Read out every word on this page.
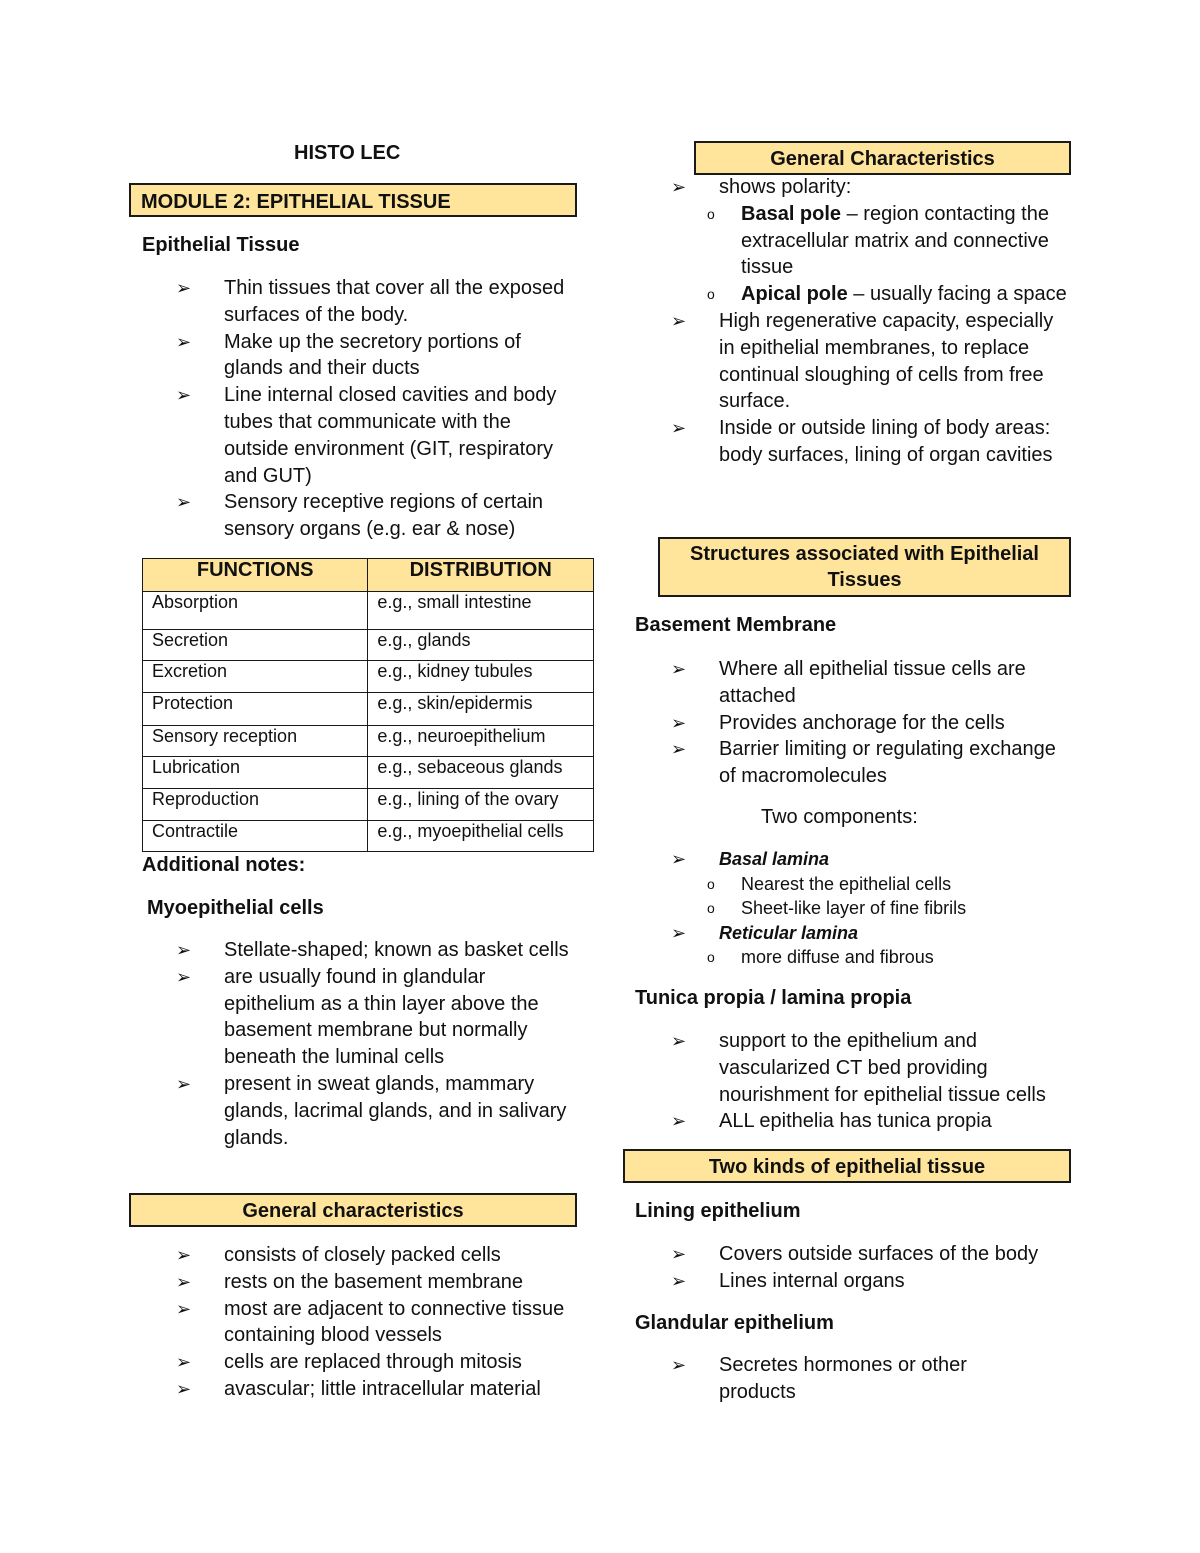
HISTO LEC
MODULE 2: EPITHELIAL TISSUE
Epithelial Tissue
➢	Thin tissues that cover all the exposed surfaces of the body.
➢	Make up the secretory portions of glands and their ducts
➢	Line internal closed cavities and body tubes that communicate with the outside environment (GIT, respiratory and GUT)
➢	Sensory receptive regions of certain sensory organs (e.g. ear & nose)
FUNCTIONS	DISTRIBUTION
Absorption	e.g., small intestine
Secretion	e.g., glands
Excretion	e.g., kidney tubules
Protection	e.g., skin/epidermis
Sensory reception	e.g., neuroepithelium
Lubrication	e.g., sebaceous glands
Reproduction	e.g., lining of the ovary
Contractile	e.g., myoepithelial cells
Additional notes:
Myoepithelial cells
➢	Stellate-shaped; known as basket cells
➢	are usually found in glandular epithelium as a thin layer above the basement membrane but normally beneath the luminal cells
➢	present in sweat glands, mammary glands, lacrimal glands, and in salivary glands.
General characteristics
➢	consists of closely packed cells
➢	rests on the basement membrane
➢	most are adjacent to connective tissue containing blood vessels
➢	cells are replaced through mitosis
➢	avascular; little intracellular material
General Characteristics
➢	shows polarity:
o Basal pole – region contacting the extracellular matrix and connective tissue
o Apical pole – usually facing a space
➢	High regenerative capacity, especially in epithelial membranes, to replace continual sloughing of cells from free surface.
➢	Inside or outside lining of body areas: body surfaces, lining of organ cavities
Structures associated with Epithelial Tissues
Basement Membrane
➢	Where all epithelial tissue cells are attached
➢	Provides anchorage for the cells
➢	Barrier limiting or regulating exchange of macromolecules
Two components:
➢	Basal lamina
o Nearest the epithelial cells
o Sheet-like layer of fine fibrils
➢	Reticular lamina
o more diffuse and fibrous
Tunica propia / lamina propia
➢	support to the epithelium and vascularized CT bed providing nourishment for epithelial tissue cells
➢	ALL epithelia has tunica propia
Two kinds of epithelial tissue
Lining epithelium
➢	Covers outside surfaces of the body
➢	Lines internal organs
Glandular epithelium
➢	Secretes hormones or other products
